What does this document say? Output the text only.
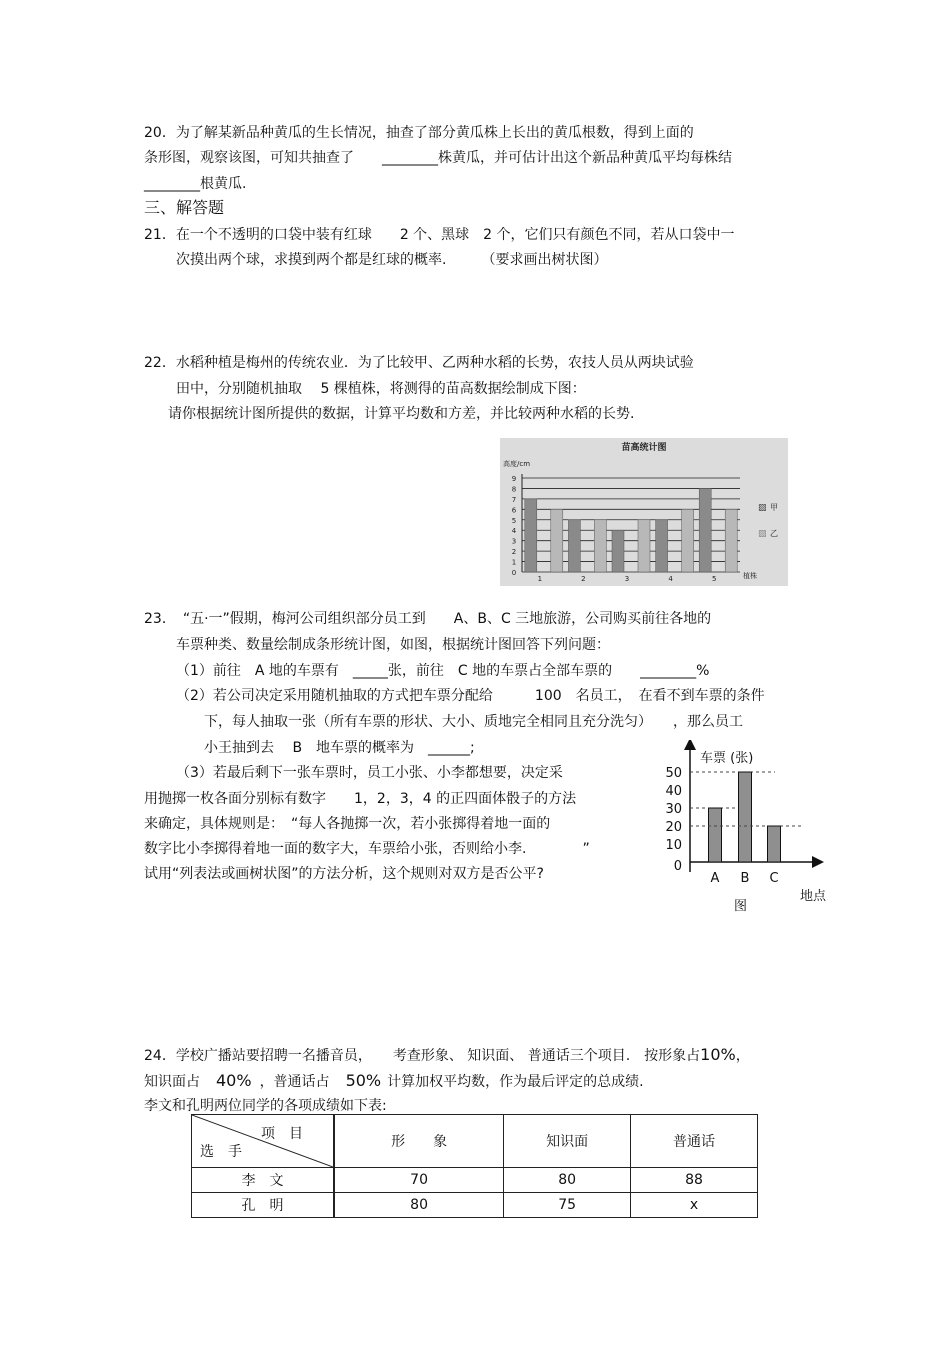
20．为了解某新品种黄瓜的生长情况，抽查了部分黄瓜株上长出的黄瓜根数，得到上面的
条形图，观察该图，可知共抽查了　　________株黄瓜，并可估计出这个新品种黄瓜平均每株结
________根黄瓜.
三、解答题
21．在一个不透明的口袋中装有红球　　2 个、黑球　2 个，它们只有颜色不同，若从口袋中一
次摸出两个球，求摸到两个都是红球的概率.　　　（要求画出树状图）
22．水稻种植是梅州的传统农业．为了比较甲、乙两种水稻的长势，农技人员从两块试验
田中，分别随机抽取　 5 棵植株，将测得的苗高数据绘制成下图：
请你根据统计图所提供的数据，计算平均数和方差，并比较两种水稻的长势.
苗高统计图
高度/cm
植株
0
1
2
3
4
5
6
7
8
9
1	2	3	4	5
▨ 甲
▧ 乙
23．　“五·一”假期，梅河公司组织部分员工到　　A、B、C 三地旅游，公司购买前往各地的
车票种类、数量绘制成条形统计图，如图，根据统计图回答下列问题：
（1）前往　A 地的车票有　_____张，前往　C 地的车票占全部车票的　　________%
（2）若公司决定采用随机抽取的方式把车票分配给　　　100　名员工，　在看不到车票的条件
下，每人抽取一张（所有车票的形状、大小、质地完全相同且充分洗匀）　　，那么员工
小王抽到去　 B　地车票的概率为　______;
（3）若最后剩下一张车票时，员工小张、小李都想要，决定采
用抛掷一枚各面分别标有数字　　1，2，3，4 的正四面体骰子的方法
来确定，具体规则是：　“每人各抛掷一次，若小张掷得着地一面的
数字比小李掷得着地一面的数字大，车票给小张，否则给小李.　　　　”
试用“列表法或画树状图”的方法分析，这个规则对双方是否公平?
车票 (张)
地点
图
0
10
20
30
40
50
A B C
24．学校广播站要招聘一名播音员，　　考查形象、 知识面、 普通话三个项目.　按形象占10%，
知识面占 40% ，普通话占 50% 计算加权平均数，作为最后评定的总成绩.
李文和孔明两位同学的各项成绩如下表:
项　目
选　手	形　　象	知识面	普通话
李　文	70	80	88
孔　明	80	75	x
